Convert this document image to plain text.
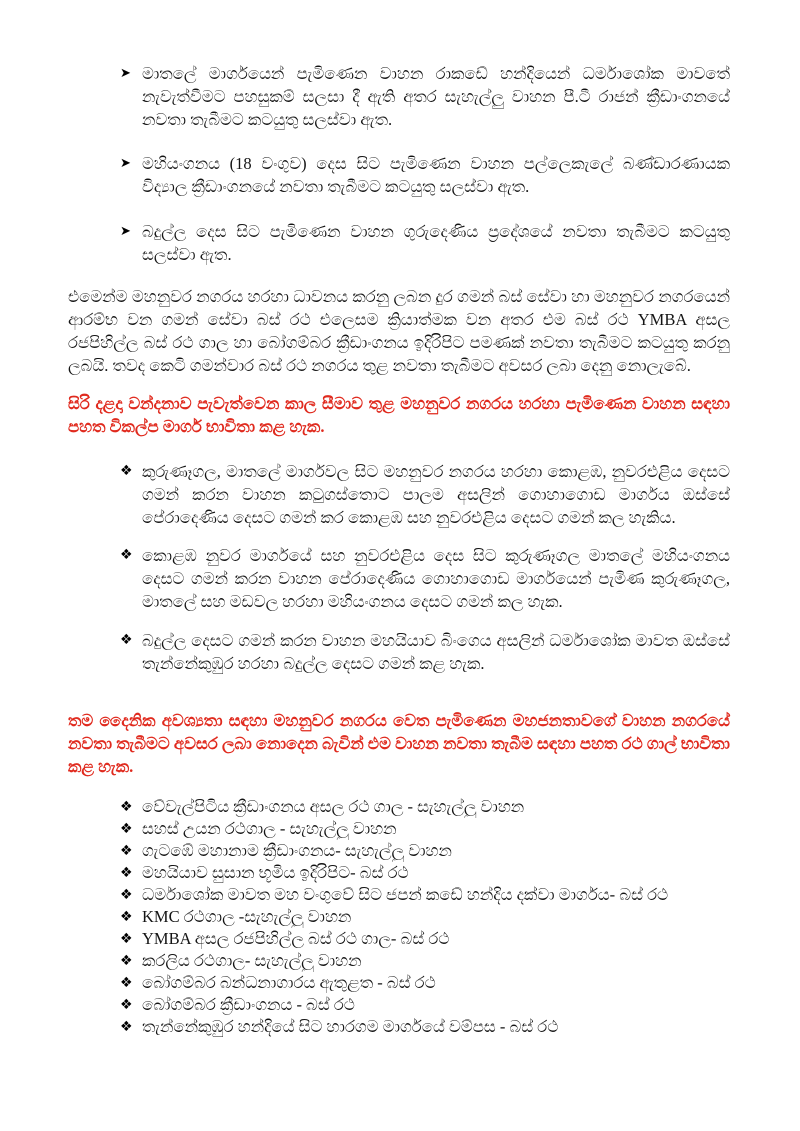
➤ මාතලේ මාර්ගයෙන් පැමිණෙන වාහන රාකඩේ හන්දියෙන් ධර්මාශෝක මාවතේ නැවැත්වීමට පහසුකම් සලසා දී ඇති අතර සැහැල්ලු වාහන පී.ටී රාජන් ක්‍රීඩාංගනයේ නවතා තැබීමට කටයුතු සලස්වා ඇත.

➤ මහියංගනය (18 වංගුව) දෙස සිට පැමිණෙන වාහන පල්ලෙකැලේ බණ්ඩාරණායක විද්‍යාල ක්‍රීඩාංගනයේ නවතා තැබීමට කටයුතු සලස්වා ඇත.

➤ බදුල්ල දෙස සිට පැමිණෙන වාහන ගුරුදෙණිය ප්‍රදේශයේ නවතා තැබීමට කටයුතු සලස්වා ඇත.

එමෙන්ම මහනුවර නගරය හරහා ධාවනය කරනු ලබන දුර ගමන් බස් සේවා හා මහනුවර නගරයෙන් ආරම්භ වන ගමන් සේවා බස් රථ එලෙසම ක්‍රියාත්මක වන අතර එම බස් රථ YMBA අසල රජපිහිල්ල බස් රථ ගාල හා බෝගම්බර ක්‍රීඩාංගනය ඉදිරිපිට පමණක් නවතා තැබීමට කටයුතු කරනු ලබයි. තවද කෙටි ගමන්වාර බස් රථ නගරය තුළ නවතා තැබීමට අවසර ලබා දෙනු නොලැබේ.

සිරි දළදා වන්දනාව පැවැත්වෙන කාල සීමාව තුළ මහනුවර නගරය හරහා පැමිණෙන වාහන සඳහා පහත විකල්ප මාර්ග භාවිතා කළ හැක.

❖ කුරුණෑගල, මාතලේ මාර්ගවල සිට මහනුවර නගරය හරහා කොළඹ, නුවරඑළිය දෙසට ගමන් කරන වාහන කටුගස්තොට පාලම අසලින් ගොහාගොඩ මාර්ගය ඔස්සේ පේරාදෙණිය දෙසට ගමන් කර කොළඹ සහ නුවරඑළිය දෙසට ගමන් කල හැකිය.

❖ කොළඹ නුවර මාර්ගයේ සහ නුවරඑළිය දෙස සිට කුරුණෑගල මාතලේ මහියංගනය දෙසට ගමන් කරන වාහන පේරාදෙණිය ගොහාගොඩ මාර්ගයෙන් පැමිණ කුරුණෑගල, මාතලේ සහ මඩවල හරහා මහියංගනය දෙසට ගමන් කල හැක.

❖ බදුල්ල දෙසට ගමන් කරන වාහන මහයියාව බිංගෙය අසලින් ධර්මාශෝක මාවත ඔස්සේ තැන්නේකුඹුර හරහා බදුල්ල දෙසට ගමන් කළ හැක.

තම දෛනික අවශ්‍යතා සඳහා මහනුවර නගරය වෙත පැමිණෙන මහජනතාවගේ වාහන නගරයේ නවතා තැබීමට අවසර ලබා නොදෙන බැවින් එම වාහන නවතා තැබීම සඳහා පහත රථ ගාල් භාවිතා කළ හැක.

❖ වේවැල්පිටිය ක්‍රීඩාංගනය අසල රථ ගාල - සැහැල්ලු වාහන

❖ සහස් උයන රථගාල - සැහැල්ලු වාහන

❖ ගැටඹේ මහානාම ක්‍රීඩාංගනය- සැහැල්ලු වාහන

❖ මහයියාව සුසාන භූමිය ඉදිරිපිට- බස් රථ

❖ ධර්මාශෝක මාවත මහ වංගුවේ සිට ජපන් කඩේ හන්දිය දක්වා මාර්ගය- බස් රථ

❖ KMC රථගාල -සැහැල්ලු වාහන

❖ YMBA අසල රජපිහිල්ල බස් රථ ගාල- බස් රථ

❖ කරලිය රථගාල- සැහැල්ලු වාහන

❖ බෝගම්බර බන්ධනාගාරය ඇතුළත - බස් රථ

❖ බෝගම්බර ක්‍රීඩාංගනය - බස් රථ

❖ තැන්නේකුඹුර හන්දියේ සිට හාරගම මාර්ගයේ වම්පස - බස් රථ
